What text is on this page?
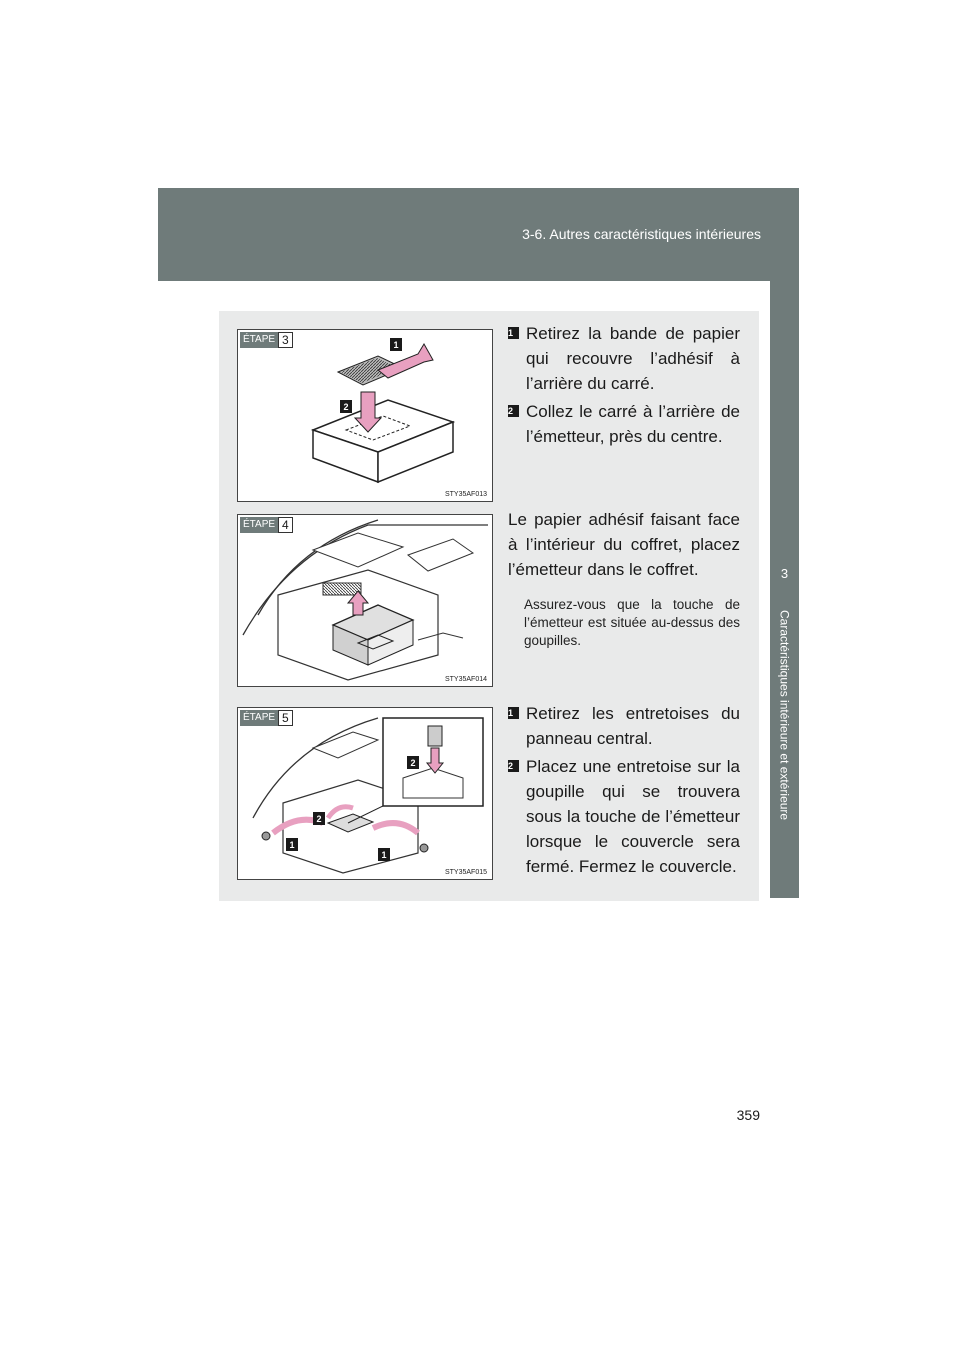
3-6. Autres caractéristiques intérieures
3
Caractéristiques intérieure et extérieure
1
2
ÉTAPE 3
STY35AF013
1 Retirez la bande de papier qui recouvre l’adhésif à l’arrière du carré.
2 Collez le carré à l’arrière de l’émetteur, près du centre.
ÉTAPE 4
STY35AF014
Le papier adhésif faisant face à l’intérieur du coffret, placez l’émetteur dans le coffret.
Assurez-vous que la touche de l’émetteur est située au-dessus des goupilles.
2
2
1
1
ÉTAPE 5
STY35AF015
1 Retirez les entretoises du panneau central.
2 Placez une entretoise sur la goupille qui se trouvera sous la touche de l’émetteur lorsque le couvercle sera fermé. Fermez le couvercle.
359
